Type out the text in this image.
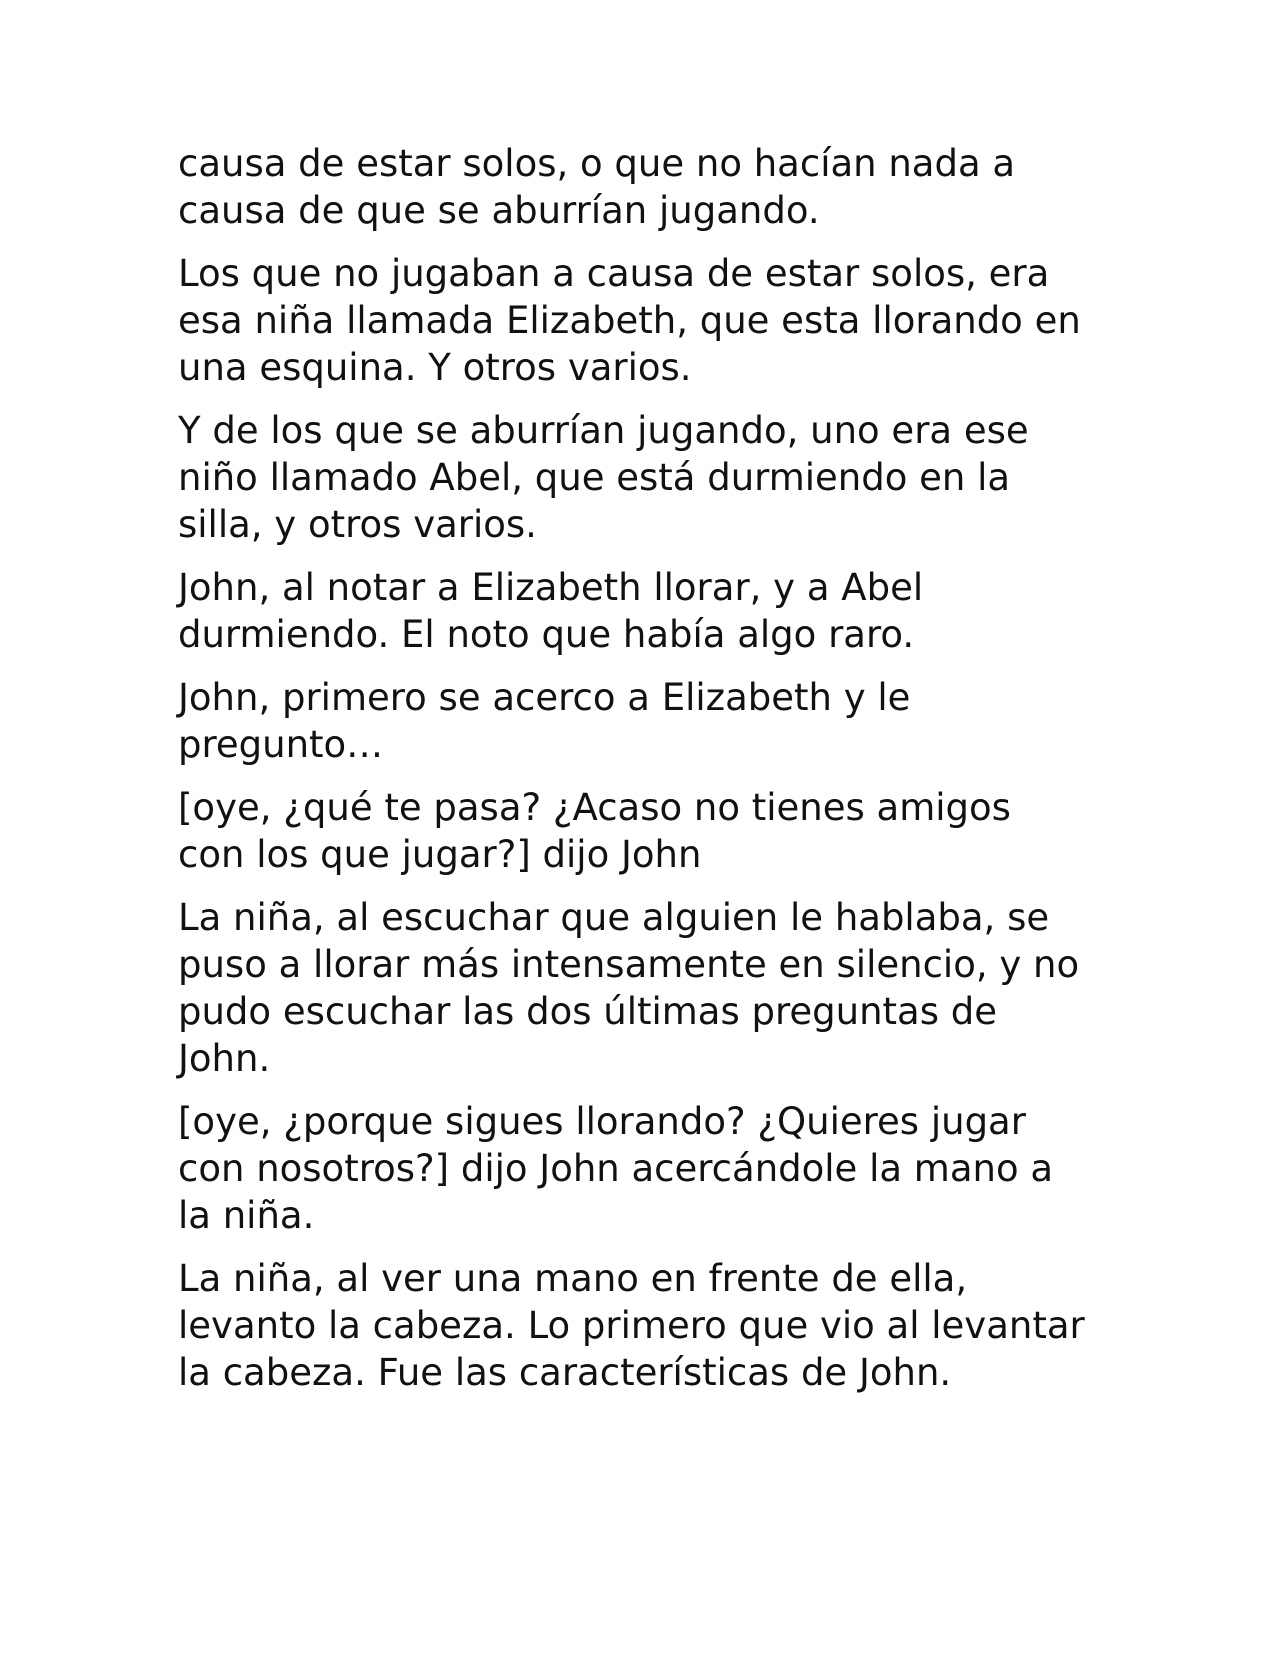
causa de estar solos, o que no hacían nada a
causa de que se aburrían jugando.

Los que no jugaban a causa de estar solos, era
esa niña llamada Elizabeth, que esta llorando en
una esquina. Y otros varios.

Y de los que se aburrían jugando, uno era ese
niño llamado Abel, que está durmiendo en la
silla, y otros varios.

John, al notar a Elizabeth llorar, y a Abel
durmiendo. El noto que había algo raro.

John, primero se acerco a Elizabeth y le
pregunto…

[oye, ¿qué te pasa? ¿Acaso no tienes amigos
con los que jugar?] dijo John

La niña, al escuchar que alguien le hablaba, se
puso a llorar más intensamente en silencio, y no
pudo escuchar las dos últimas preguntas de
John.

[oye, ¿porque sigues llorando? ¿Quieres jugar
con nosotros?] dijo John acercándole la mano a
la niña.

La niña, al ver una mano en frente de ella,
levanto la cabeza. Lo primero que vio al levantar
la cabeza. Fue las características de John.
